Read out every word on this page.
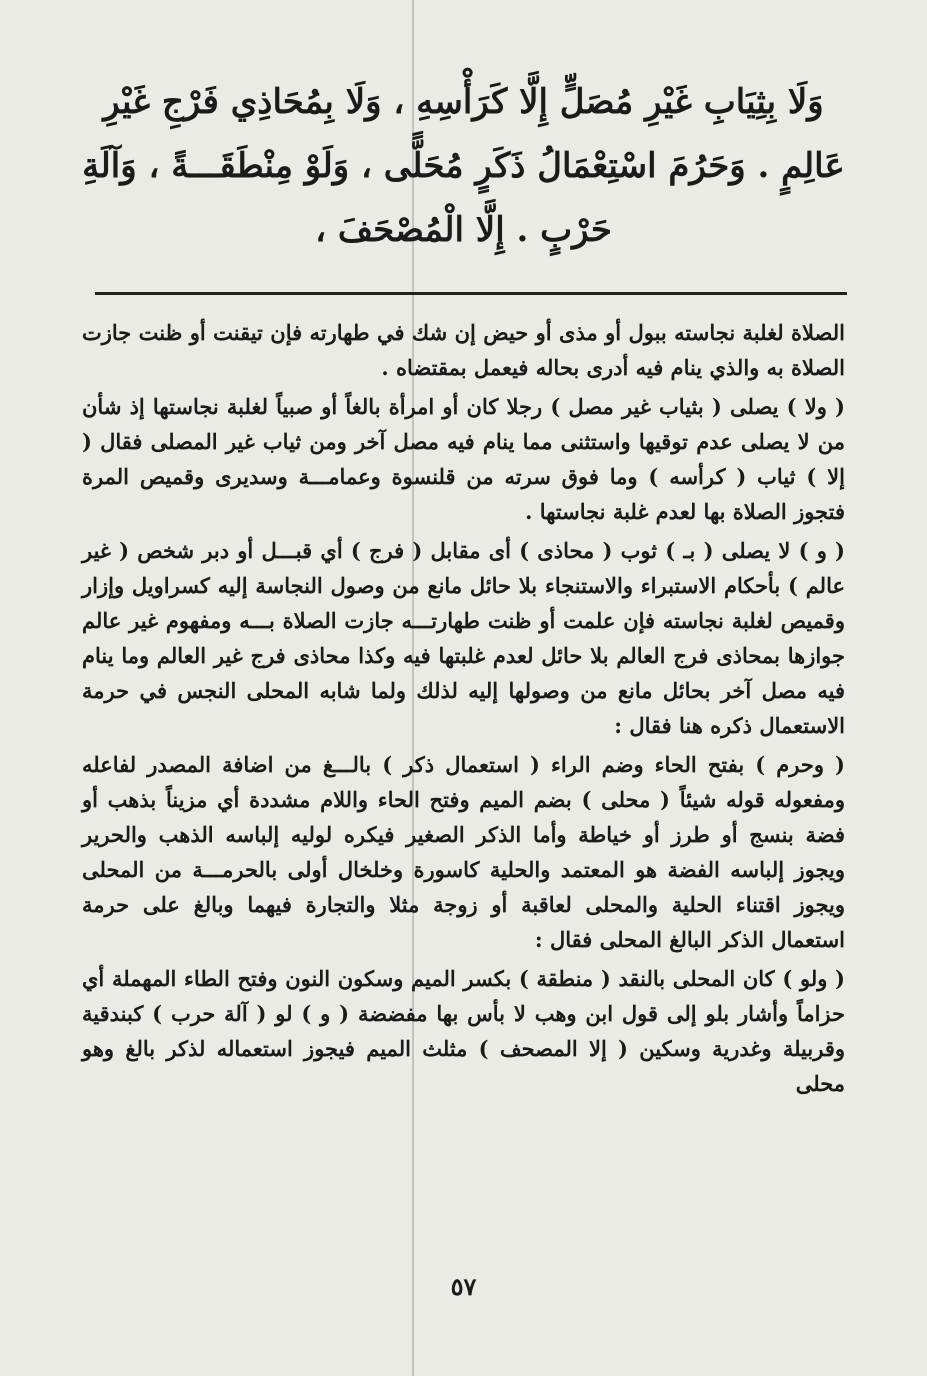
وَلَا بِثِيَابِ غَيْرِ مُصَلٍّ إِلَّا كَرَأْسِهِ ، وَلَا بِمُحَاذِي فَرْجِ غَيْرِ

عَالِمٍ . وَحَرُمَ اسْتِعْمَالُ ذَكَرٍ مُحَلًّى ، وَلَوْ مِنْطَقَـــةً ، وَآلَةِ

حَرْبٍ . إِلَّا الْمُصْحَفَ ،

الصلاة لغلبة نجاسته ببول أو مذى أو حيض إن شك في طهارته فإن تيقنت أو ظنت جازت الصلاة به والذي ينام فيه أدرى بحاله فيعمل بمقتضاه .

( ولا ) يصلى ( بثياب غير مصل ) رجلا كان أو امرأة بالغاً أو صبياً لغلبة نجاستها إذ شأن من لا يصلى عدم توقيها واستثنى مما ينام فيه مصل آخر ومن ثياب غير المصلى فقال ( إلا ) ثياب ( كرأسه ) وما فوق سرته من قلنسوة وعمامـــة وسديرى وقميص المرة فتجوز الصلاة بها لعدم غلبة نجاستها .

( و ) لا يصلى ( بـ ) ثوب ( محاذى ) أى مقابل ( فرج ) أي قبـــل أو دبر شخص ( غير عالم ) بأحكام الاستبراء والاستنجاء بلا حائل مانع من وصول النجاسة إليه كسراويل وإزار وقميص لغلبة نجاسته فإن علمت أو ظنت طهارتـــه جازت الصلاة بـــه ومفهوم غير عالم جوازها بمحاذى فرج العالم بلا حائل لعدم غلبتها فيه وكذا محاذى فرج غير العالم وما ينام فيه مصل آخر بحائل مانع من وصولها إليه لذلك ولما شابه المحلى النجس في حرمة الاستعمال ذكره هنا فقال :

( وحرم ) بفتح الحاء وضم الراء ( استعمال ذكر ) بالـــغ من اضافة المصدر لفاعله ومفعوله قوله شيئاً ( محلى ) بضم الميم وفتح الحاء واللام مشددة أي مزيناً بذهب أو فضة بنسج أو طرز أو خياطة وأما الذكر الصغير فيكره لوليه إلباسه الذهب والحرير ويجوز إلباسه الفضة هو المعتمد والحلية كاسورة وخلخال أولى بالحرمـــة من المحلى ويجوز اقتناء الحلية والمحلى لعاقبة أو زوجة مثلا والتجارة فيهما وبالغ على حرمة استعمال الذكر البالغ المحلى فقال :

( ولو ) كان المحلى بالنقد ( منطقة ) بكسر الميم وسكون النون وفتح الطاء المهملة أي حزاماً وأشار بلو إلى قول ابن وهب لا بأس بها مفضضة ( و ) لو ( آلة حرب ) كبندقية وقربيلة وغدرية وسكين ( إلا المصحف ) مثلث الميم فيجوز استعماله لذكر بالغ وهو محلى

٥٧
